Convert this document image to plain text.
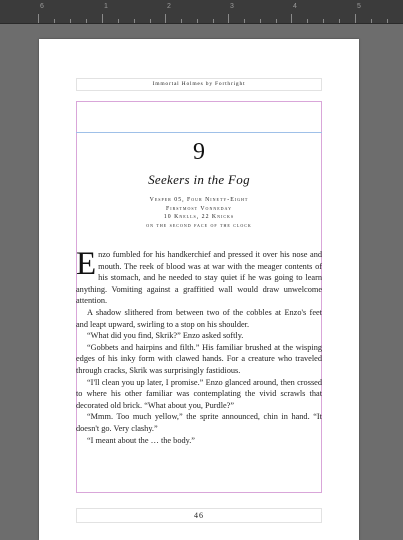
6	1	2	3	4	5
Immortal Holmes by Forthright
9
Seekers in the Fog
Vesper 05, Four Ninety-Eight
Firstmost Vonneday
10 Knells, 22 Knicks
on the second face of the clock

Enzo fumbled for his handkerchief and pressed it over his nose and mouth. The reek of blood was at war with the meager contents of his stomach, and he needed to stay quiet if he was going to learn anything. Vomiting against a graffitied wall would draw unwelcome attention.

A shadow slithered from between two of the cobbles at Enzo's feet and leapt upward, swirling to a stop on his shoulder.

“What did you find, Skrik?” Enzo asked softly.

“Gobbets and hairpins and filth.” His familiar brushed at the wisping edges of his inky form with clawed hands. For a creature who traveled through cracks, Skrik was surprisingly fastidious.

“I'll clean you up later, I promise.” Enzo glanced around, then crossed to where his other familiar was contemplating the vivid scrawls that decorated old brick. “What about you, Purdle?”

“Mmm. Too much yellow,” the sprite announced, chin in hand. “It doesn't go. Very clashy.”

“I meant about the … the body.”

46
